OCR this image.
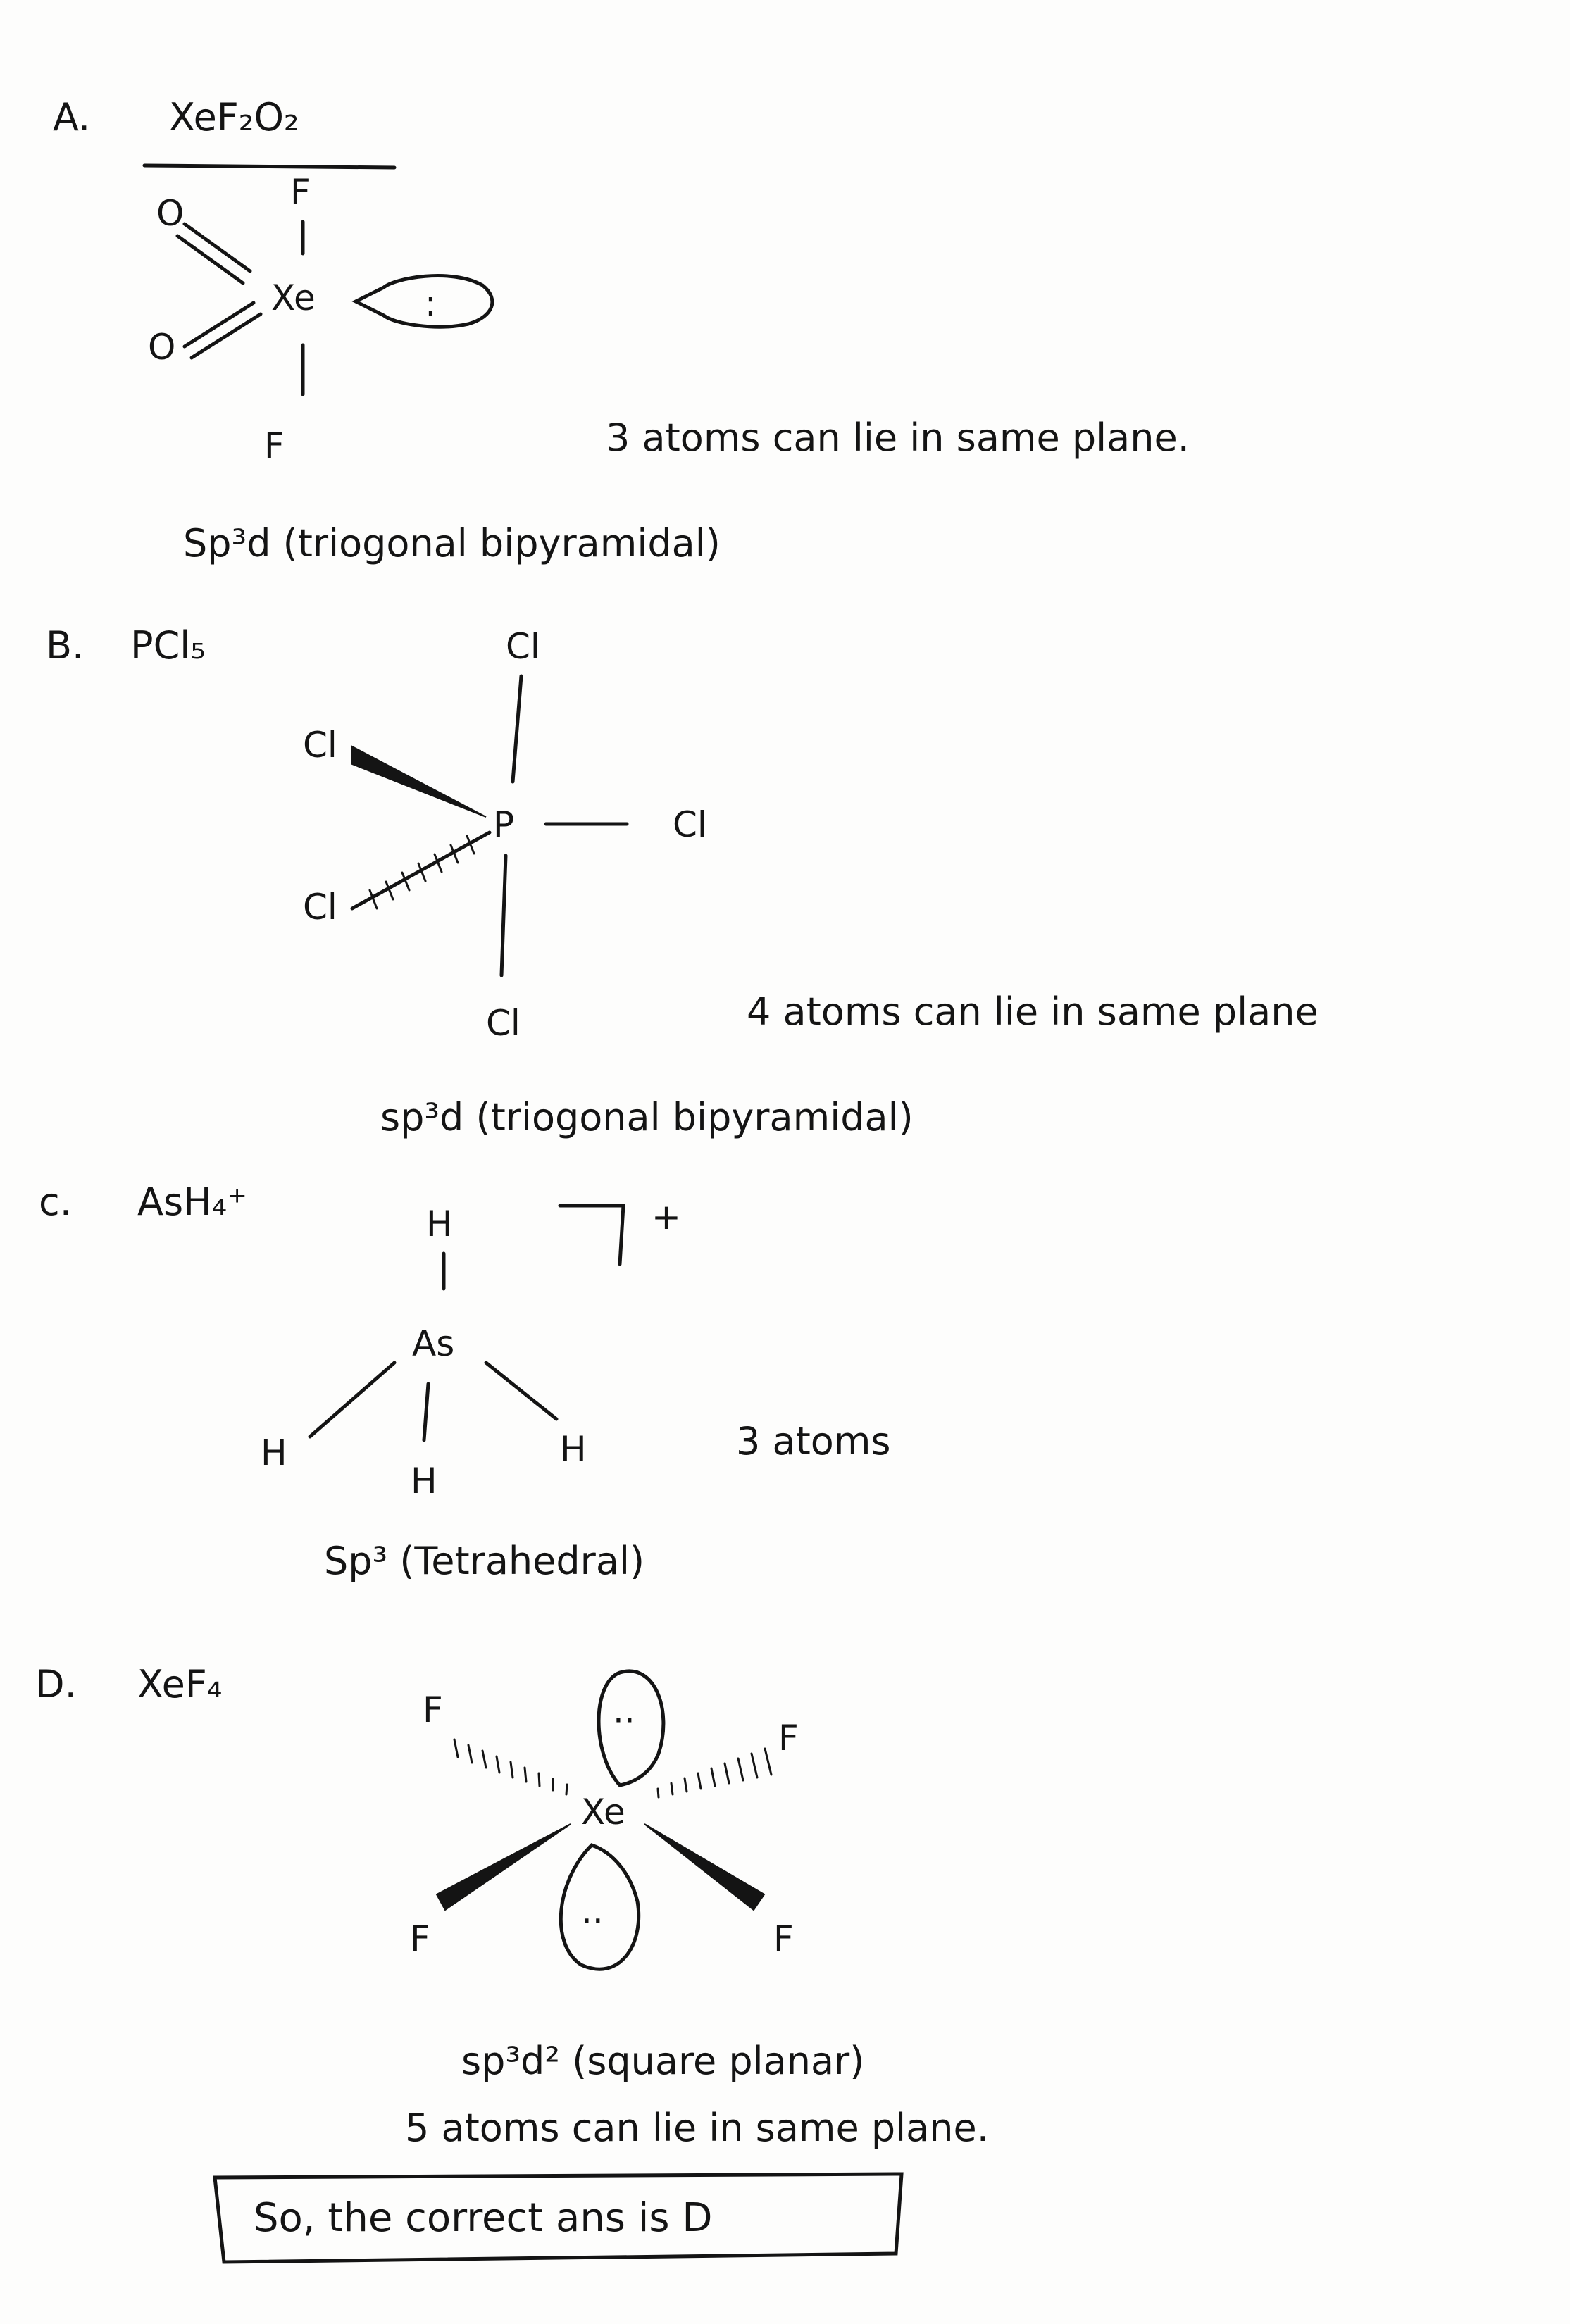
A. XeF₂O₂
F
Xe
F
O
O
:
3 atoms can lie in same plane.
Sp³d (triogonal bipyramidal)
B. PCl₅	Cl
P	Cl
Cl
Cl
Cl
4 atoms can lie in same plane
sp³d (triogonal bipyramidal)
c. AsH₄⁺	+
H
As
H	H
H
3 atoms
Sp³ (Tetrahedral)
D. XeF₄
··
··
Xe
F
F
F	F
sp³d² (square planar)
5 atoms can lie in same plane.
So, the correct ans is D
